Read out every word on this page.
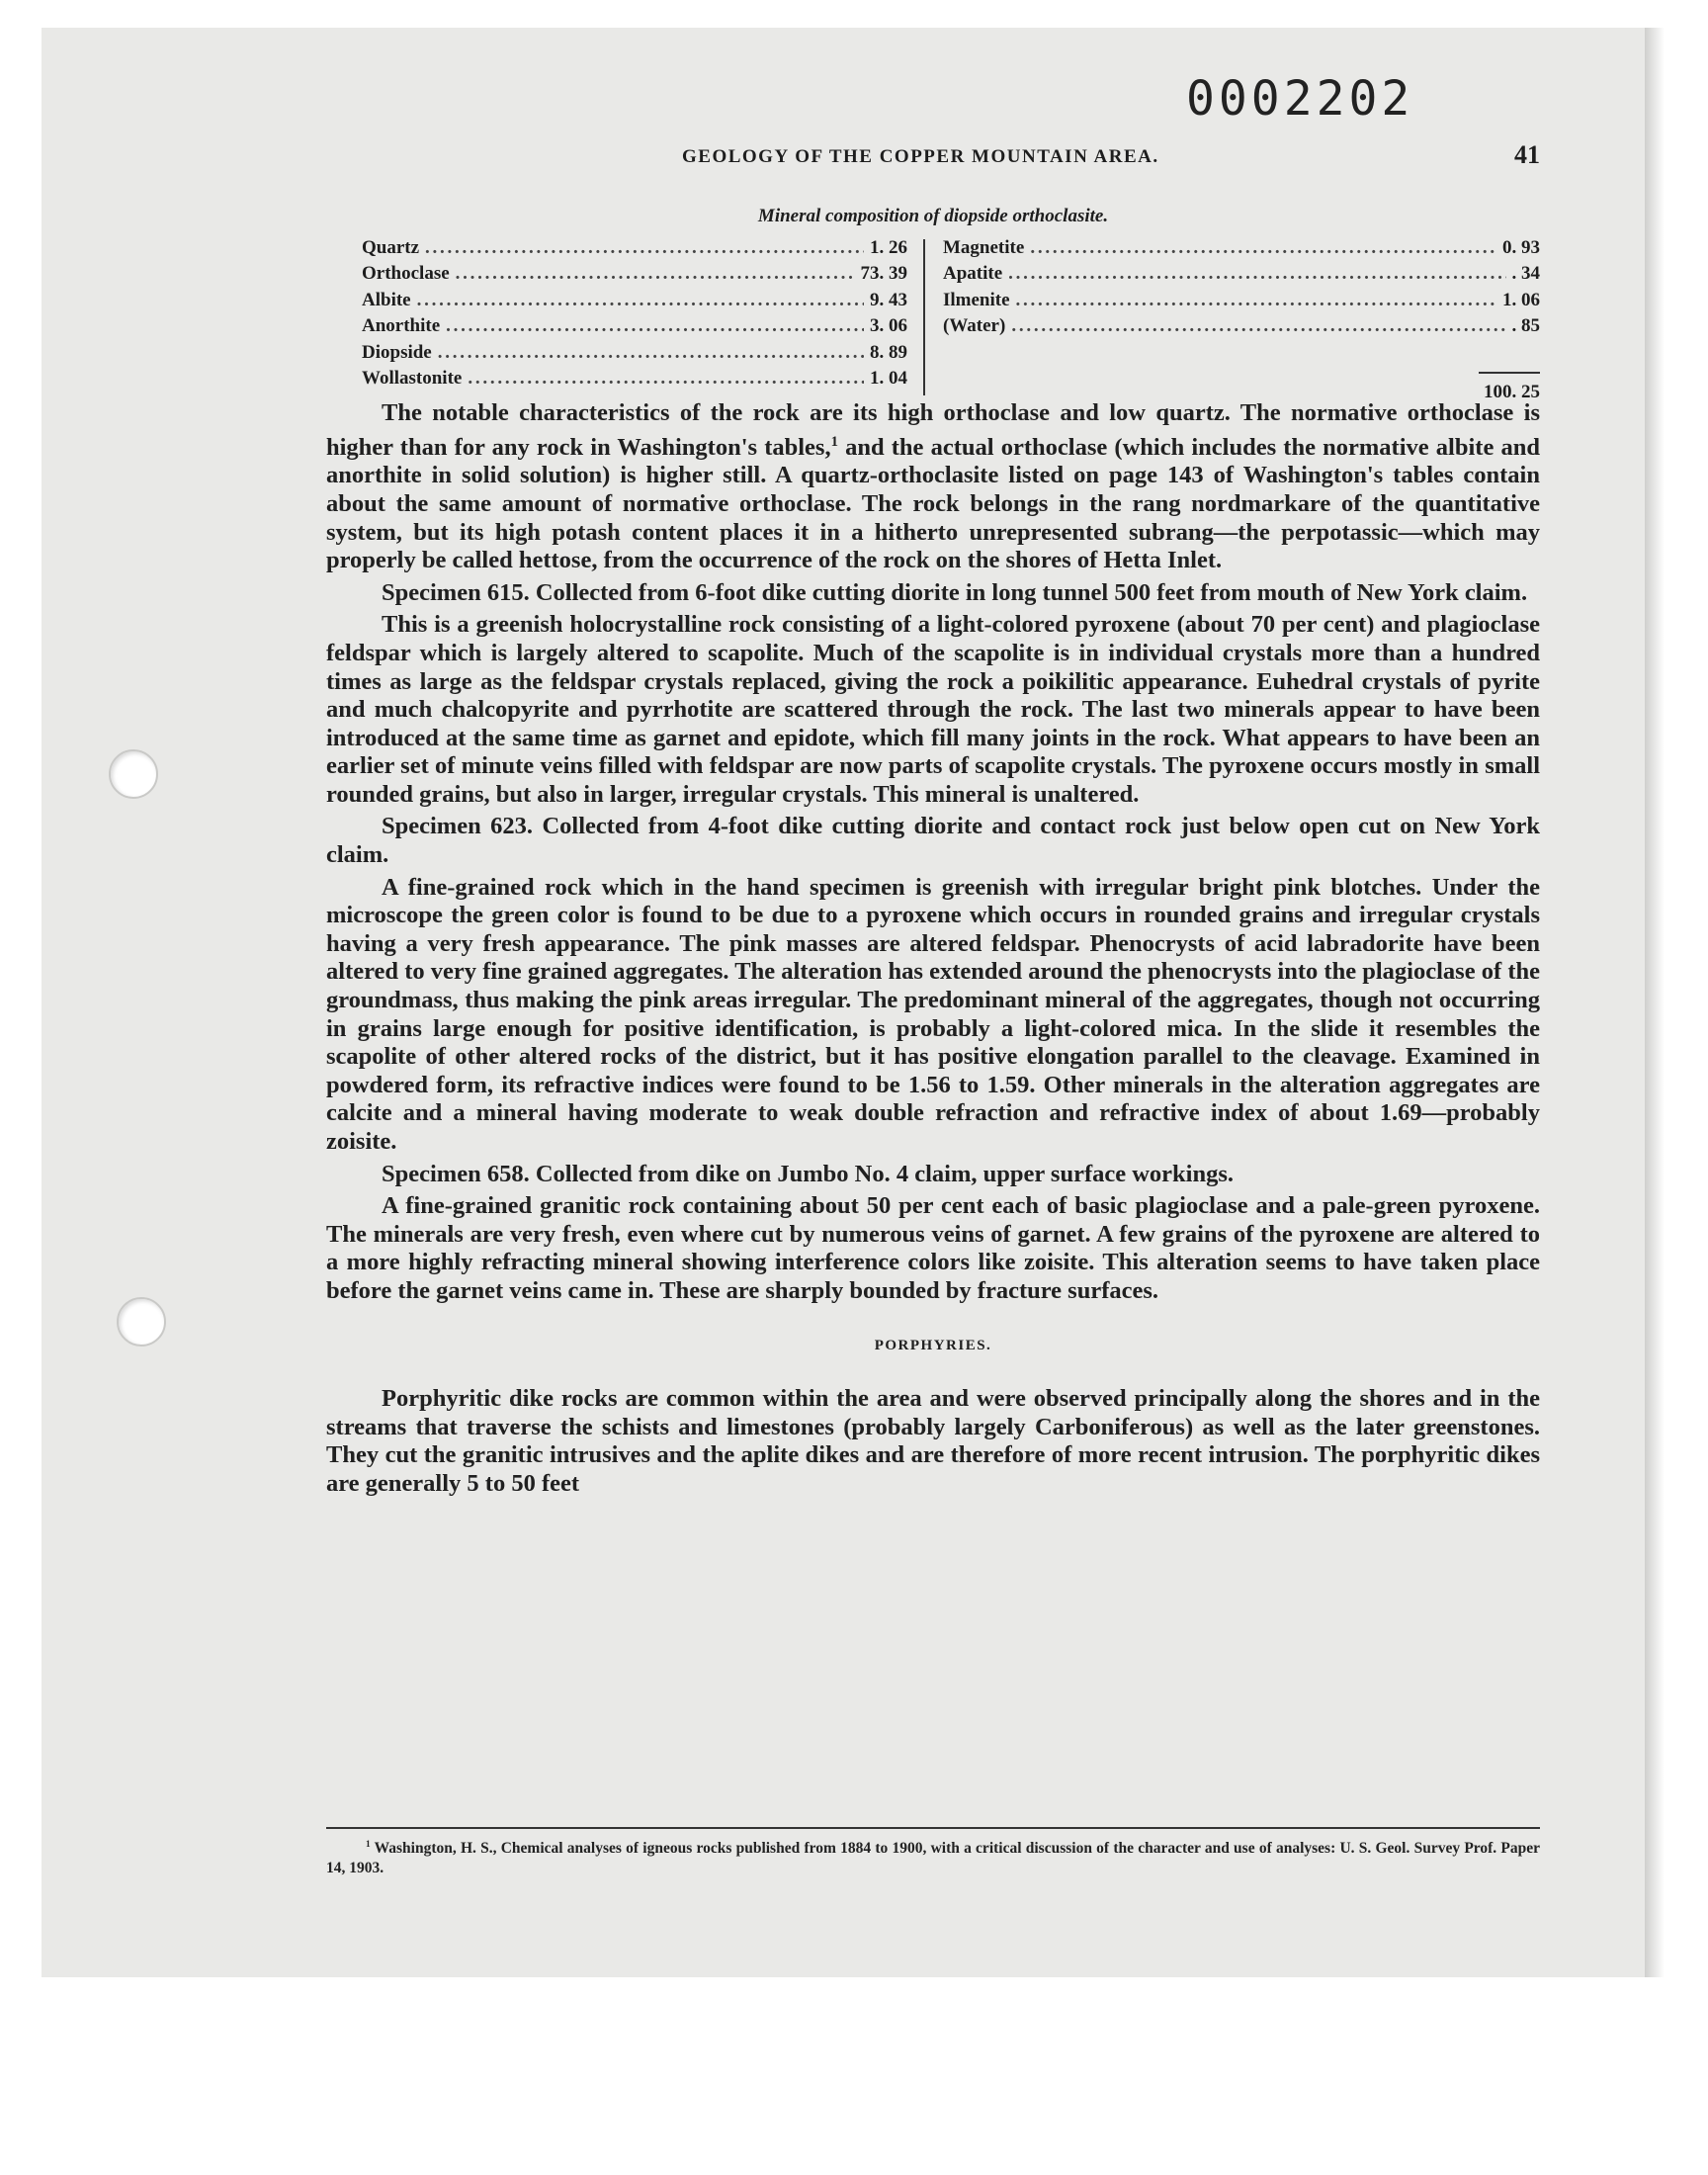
0002202
GEOLOGY OF THE COPPER MOUNTAIN AREA.	41
Mineral composition of diopside orthoclasite.
Quartz . . .	1. 26
Orthoclase . . .	73. 39
Albite . . .	9. 43
Anorthite . . .	3. 06
Diopside . . .	8. 89
Wollastonite . . .	1. 04
Magnetite . . .	0. 93
Apatite . . .	. 34
Ilmenite . . .	1. 06
(Water) . . .	. 85
100. 25

The notable characteristics of the rock are its high orthoclase and low quartz. The normative orthoclase is higher than for any rock in Washington's tables,$^1$ and the actual orthoclase (which includes the normative albite and anorthite in solid solution) is higher still. A quartz-orthoclasite listed on page 143 of Washington's tables contain about the same amount of normative orthoclase. The rock belongs in the rang nordmarkare of the quantitative system, but its high potash content places it in a hitherto unrepresented subrang—the perpotassic—which may properly be called hettose, from the occurrence of the rock on the shores of Hetta Inlet.

Specimen 615. Collected from 6-foot dike cutting diorite in long tunnel 500 feet from mouth of New York claim.

This is a greenish holocrystalline rock consisting of a light-colored pyroxene (about 70 per cent) and plagioclase feldspar which is largely altered to scapolite. Much of the scapolite is in individual crystals more than a hundred times as large as the feldspar crystals replaced, giving the rock a poikilitic appearance. Euhedral crystals of pyrite and much chalcopyrite and pyrrhotite are scattered through the rock. The last two minerals appear to have been introduced at the same time as garnet and epidote, which fill many joints in the rock. What appears to have been an earlier set of minute veins filled with feldspar are now parts of scapolite crystals. The pyroxene occurs mostly in small rounded grains, but also in larger, irregular crystals. This mineral is unaltered.

Specimen 623. Collected from 4-foot dike cutting diorite and contact rock just below open cut on New York claim.

A fine-grained rock which in the hand specimen is greenish with irregular bright pink blotches. Under the microscope the green color is found to be due to a pyroxene which occurs in rounded grains and irregular crystals having a very fresh appearance. The pink masses are altered feldspar. Phenocrysts of acid labradorite have been altered to very fine grained aggregates. The alteration has extended around the phenocrysts into the plagioclase of the groundmass, thus making the pink areas irregular. The predominant mineral of the aggregates, though not occurring in grains large enough for positive identification, is probably a light-colored mica. In the slide it resembles the scapolite of other altered rocks of the district, but it has positive elongation parallel to the cleavage. Examined in powdered form, its refractive indices were found to be 1.56 to 1.59. Other minerals in the alteration aggregates are calcite and a mineral having moderate to weak double refraction and refractive index of about 1.69—probably zoisite.

Specimen 658. Collected from dike on Jumbo No. 4 claim, upper surface workings.

A fine-grained granitic rock containing about 50 per cent each of basic plagioclase and a pale-green pyroxene. The minerals are very fresh, even where cut by numerous veins of garnet. A few grains of the pyroxene are altered to a more highly refracting mineral showing interference colors like zoisite. This alteration seems to have taken place before the garnet veins came in. These are sharply bounded by fracture surfaces.

PORPHYRIES.

Porphyritic dike rocks are common within the area and were observed principally along the shores and in the streams that traverse the schists and limestones (probably largely Carboniferous) as well as the later greenstones. They cut the granitic intrusives and the aplite dikes and are therefore of more recent intrusion. The porphyritic dikes are generally 5 to 50 feet

$^1$ Washington, H. S., Chemical analyses of igneous rocks published from 1884 to 1900, with a critical discussion of the character and use of analyses: U. S. Geol. Survey Prof. Paper 14, 1903.
